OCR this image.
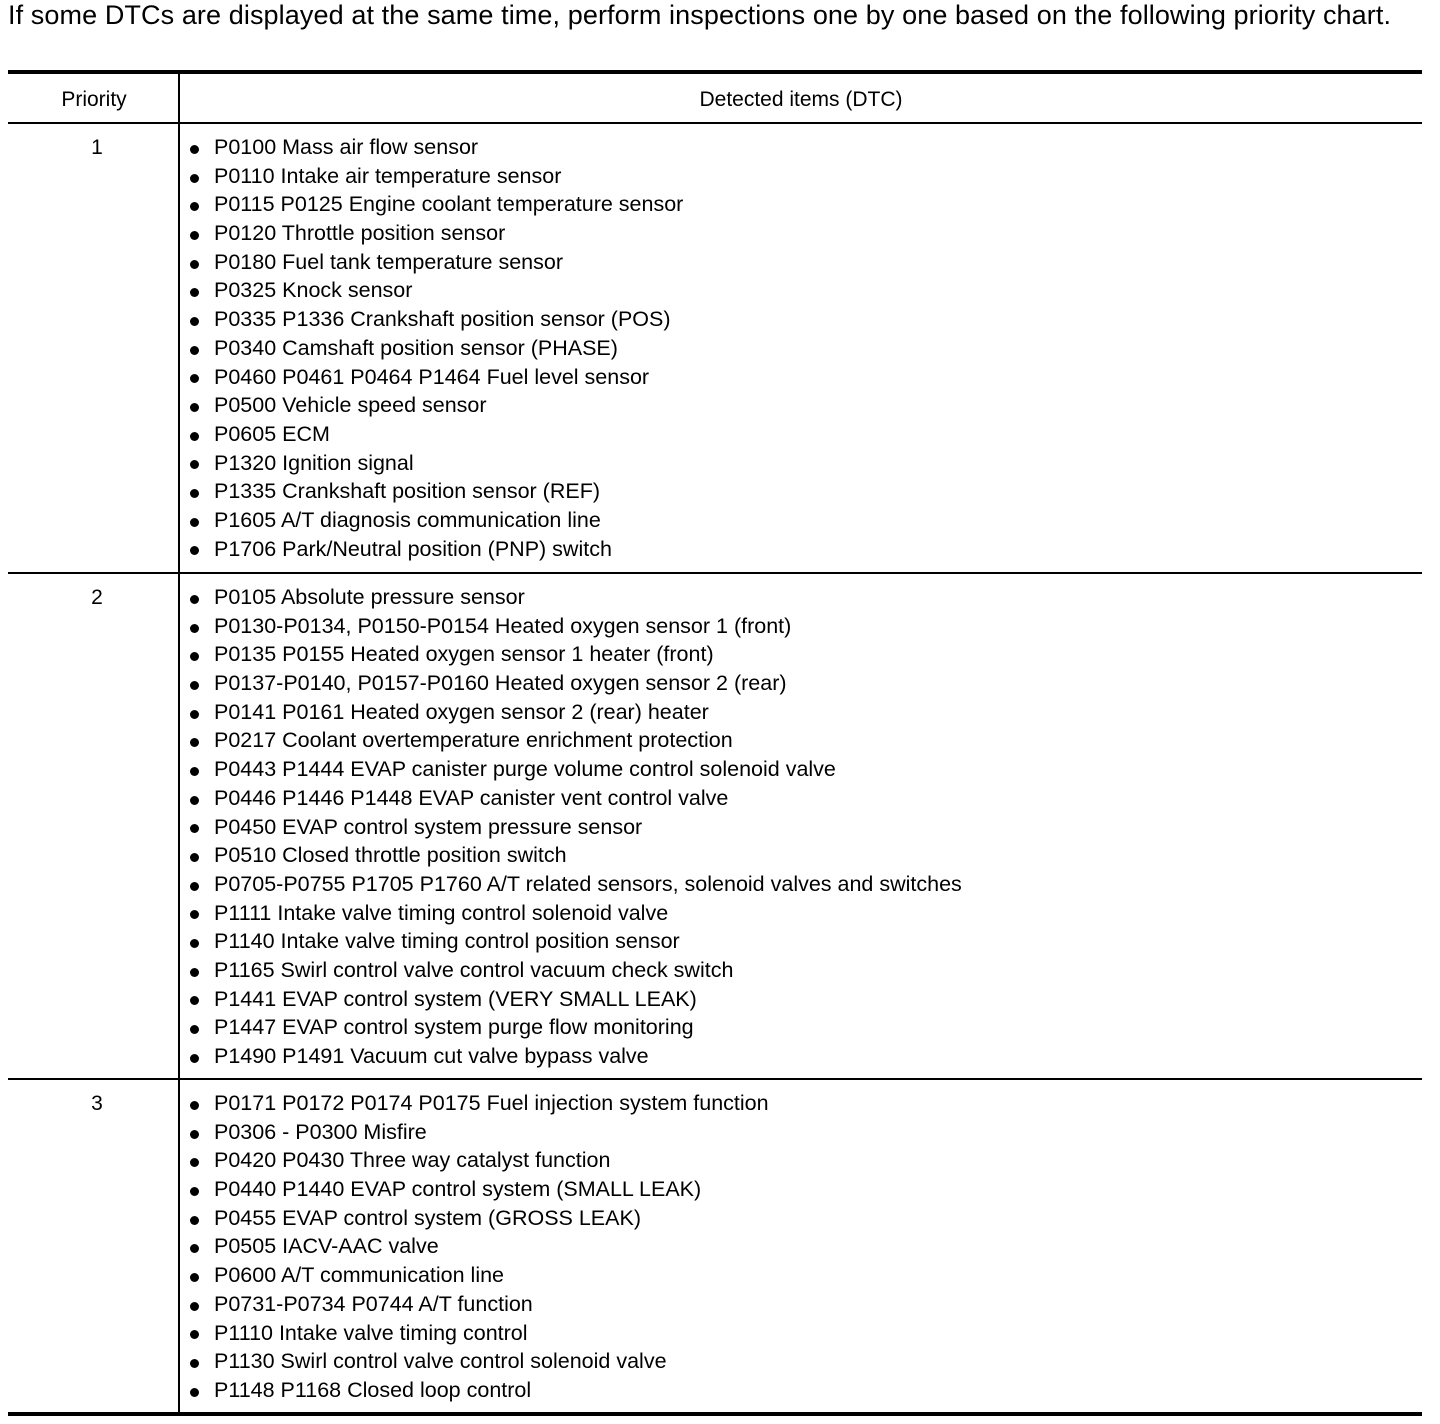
If some DTCs are displayed at the same time, perform inspections one by one based on the following priority chart.
Priority	Detected items (DTC)
1	P0100 Mass air flow sensor
P0110 Intake air temperature sensor
P0115 P0125 Engine coolant temperature sensor
P0120 Throttle position sensor
P0180 Fuel tank temperature sensor
P0325 Knock sensor
P0335 P1336 Crankshaft position sensor (POS)
P0340 Camshaft position sensor (PHASE)
P0460 P0461 P0464 P1464 Fuel level sensor
P0500 Vehicle speed sensor
P0605 ECM
P1320 Ignition signal
P1335 Crankshaft position sensor (REF)
P1605 A/T diagnosis communication line
P1706 Park/Neutral position (PNP) switch
2	P0105 Absolute pressure sensor
P0130-P0134, P0150-P0154 Heated oxygen sensor 1 (front)
P0135 P0155 Heated oxygen sensor 1 heater (front)
P0137-P0140, P0157-P0160 Heated oxygen sensor 2 (rear)
P0141 P0161 Heated oxygen sensor 2 (rear) heater
P0217 Coolant overtemperature enrichment protection
P0443 P1444 EVAP canister purge volume control solenoid valve
P0446 P1446 P1448 EVAP canister vent control valve
P0450 EVAP control system pressure sensor
P0510 Closed throttle position switch
P0705-P0755 P1705 P1760 A/T related sensors, solenoid valves and switches
P1111 Intake valve timing control solenoid valve
P1140 Intake valve timing control position sensor
P1165 Swirl control valve control vacuum check switch
P1441 EVAP control system (VERY SMALL LEAK)
P1447 EVAP control system purge flow monitoring
P1490 P1491 Vacuum cut valve bypass valve
3	P0171 P0172 P0174 P0175 Fuel injection system function
P0306 - P0300 Misfire
P0420 P0430 Three way catalyst function
P0440 P1440 EVAP control system (SMALL LEAK)
P0455 EVAP control system (GROSS LEAK)
P0505 IACV-AAC valve
P0600 A/T communication line
P0731-P0734 P0744 A/T function
P1110 Intake valve timing control
P1130 Swirl control valve control solenoid valve
P1148 P1168 Closed loop control
